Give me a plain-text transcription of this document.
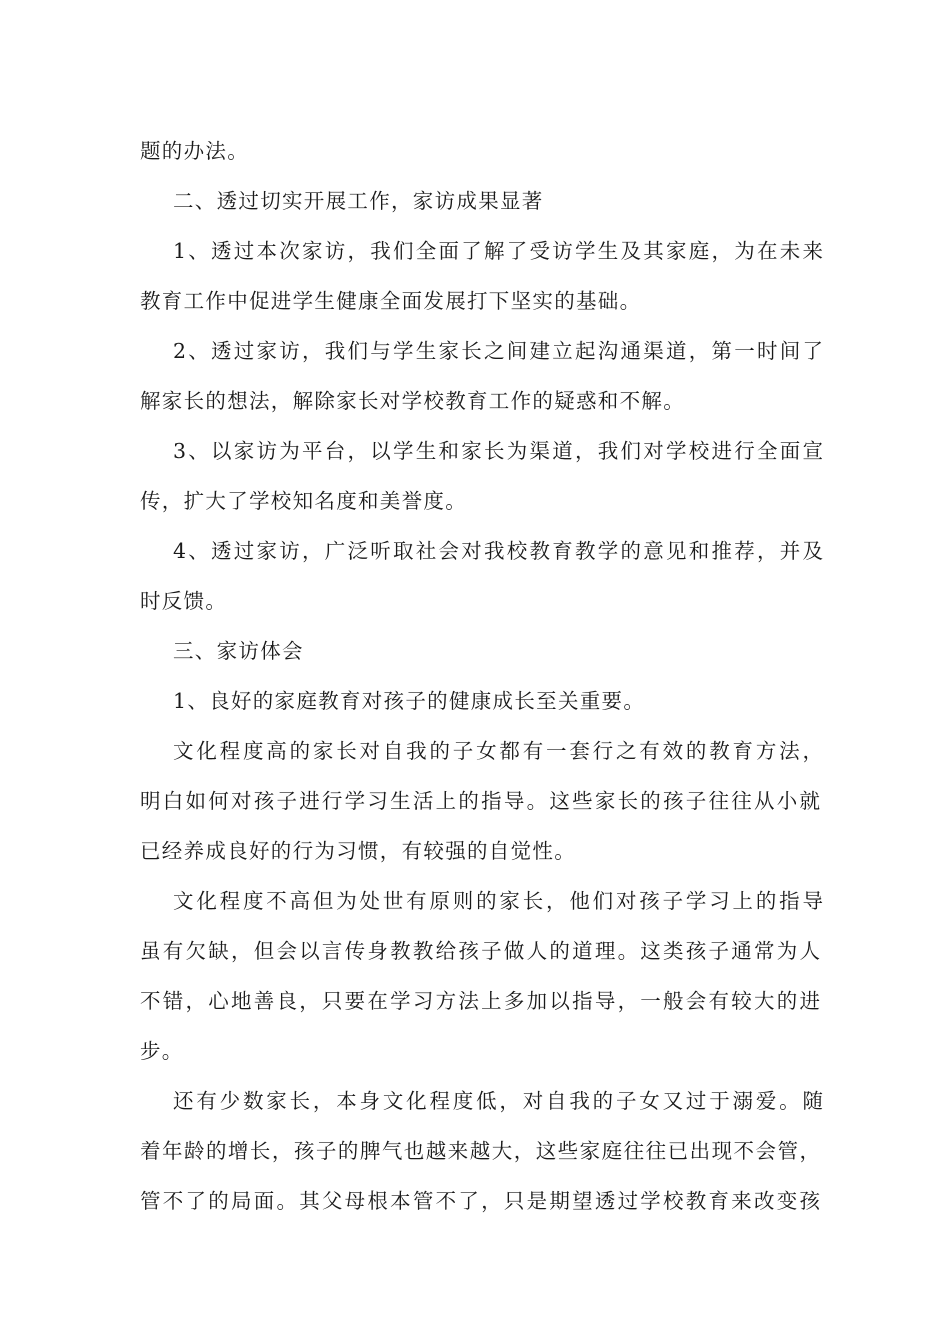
题的办法。
二、透过切实开展工作，家访成果显著
1、透过本次家访，我们全面了解了受访学生及其家庭，为在未来
教育工作中促进学生健康全面发展打下坚实的基础。
2、透过家访，我们与学生家长之间建立起沟通渠道，第一时间了
解家长的想法，解除家长对学校教育工作的疑惑和不解。
3、以家访为平台，以学生和家长为渠道，我们对学校进行全面宣
传，扩大了学校知名度和美誉度。
4、透过家访，广泛听取社会对我校教育教学的意见和推荐，并及
时反馈。
三、家访体会
1、良好的家庭教育对孩子的健康成长至关重要。
文化程度高的家长对自我的子女都有一套行之有效的教育方法，
明白如何对孩子进行学习生活上的指导。这些家长的孩子往往从小就
已经养成良好的行为习惯，有较强的自觉性。
文化程度不高但为处世有原则的家长，他们对孩子学习上的指导
虽有欠缺，但会以言传身教教给孩子做人的道理。这类孩子通常为人
不错，心地善良，只要在学习方法上多加以指导，一般会有较大的进
步。
还有少数家长，本身文化程度低，对自我的子女又过于溺爱。随
着年龄的增长，孩子的脾气也越来越大，这些家庭往往已出现不会管，
管不了的局面。其父母根本管不了，只是期望透过学校教育来改变孩
